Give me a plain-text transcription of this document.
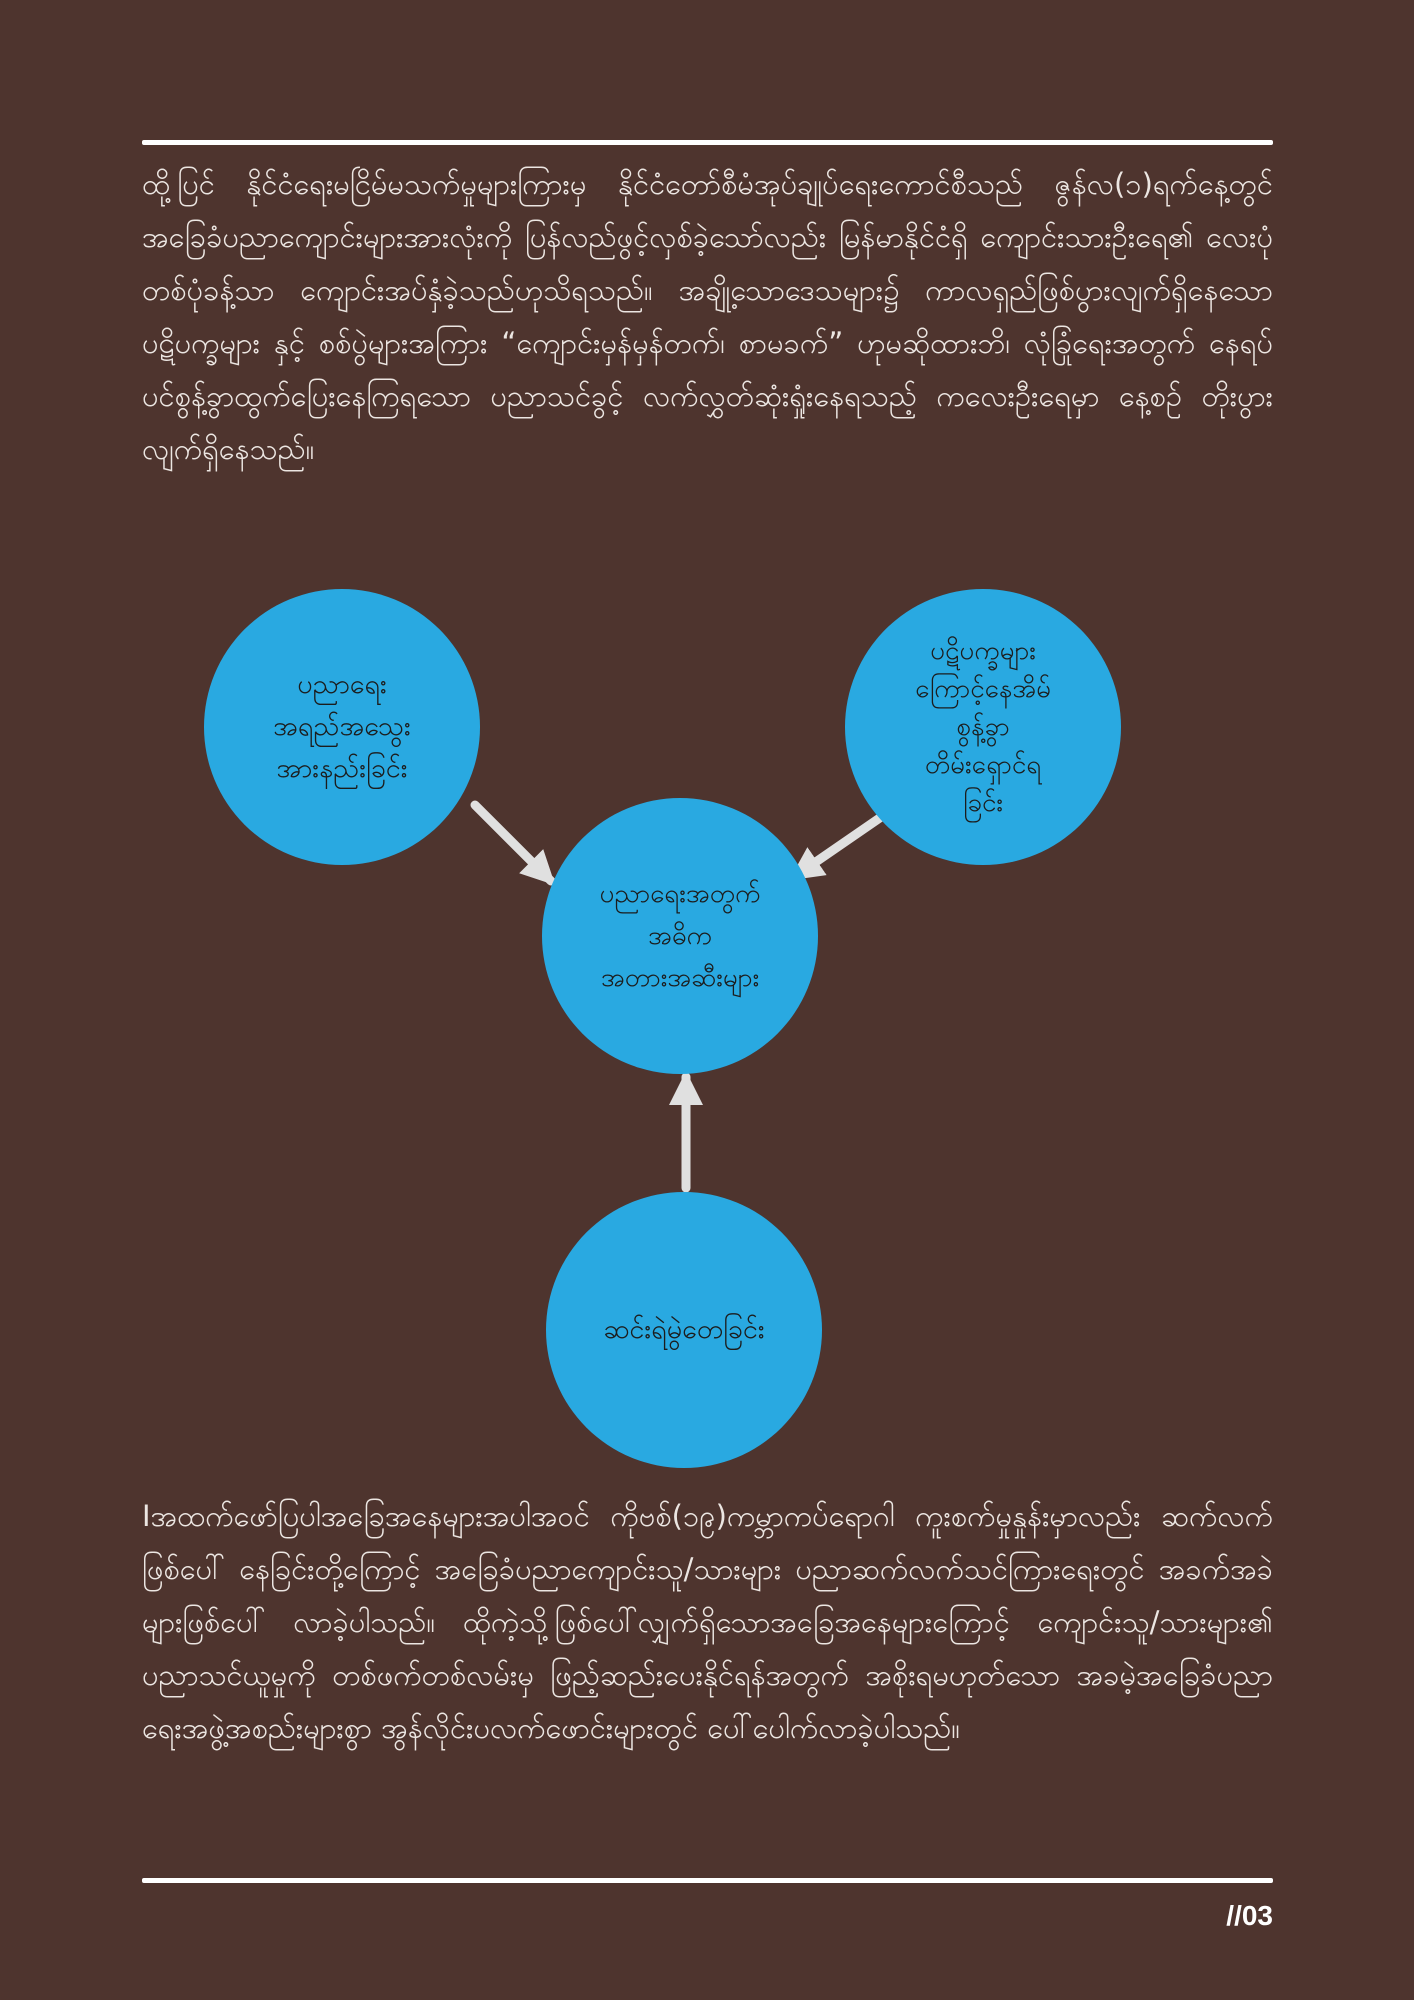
ထို့ပြင် နိုင်ငံရေးမငြိမ်မသက်မှုများကြားမှ နိုင်ငံတော်စီမံအုပ်ချုပ်ရေးကောင်စီသည် ဇွန်လ(၁)ရက်နေ့တွင် အခြေခံပညာကျောင်းများအားလုံးကို ပြန်လည်ဖွင့်လှစ်ခဲ့သော်လည်း မြန်မာနိုင်ငံရှိ ကျောင်းသားဦးရေ၏ လေးပုံတစ်ပုံခန့်သာ ကျောင်းအပ်နှံခဲ့သည်ဟုသိရသည်။ အချို့သောဒေသများ၌ ကာလရှည်ဖြစ်ပွားလျက်ရှိနေသော ပဋိပက္ခများ နှင့် စစ်ပွဲများအကြား “ကျောင်းမှန်မှန်တက်၊ စာမခက်” ဟုမဆိုထားဘိ၊ လုံခြုံရေးအတွက် နေရပ်ပင်စွန့်ခွာထွက်ပြေးနေကြရသော ပညာသင်ခွင့် လက်လွှတ်ဆုံးရှုံးနေရသည့် ကလေးဦးရေမှာ နေ့စဉ် တိုးပွားလျက်ရှိနေသည်။

ပညာရေး
အရည်အသွေး
အားနည်းခြင်း
ပဋိပက္ခများ
ကြောင့်နေအိမ်
စွန့်ခွာ
တိမ်းရှောင်ရ
ခြင်း
ပညာရေးအတွက်
အဓိက
အတားအဆီးများ
ဆင်းရဲမွဲတေခြင်း

Iအထက်ဖော်ပြပါအခြေအနေများအပါအဝင် ကိုဗစ်(၁၉)ကမ္ဘာကပ်ရောဂါ ကူးစက်မှုနှုန်းမှာလည်း ဆက်လက်ဖြစ်ပေါ် နေခြင်းတို့ကြောင့် အခြေခံပညာကျောင်းသူ/သားများ ပညာဆက်လက်သင်ကြားရေးတွင် အခက်အခဲများဖြစ်ပေါ် လာခဲ့ပါသည်။ ထိုကဲ့သို့ဖြစ်ပေါ်လျှက်ရှိသောအခြေအနေများကြောင့် ကျောင်းသူ/သားများ၏ ပညာသင်ယူမှုကို တစ်ဖက်တစ်လမ်းမှ ဖြည့်ဆည်းပေးနိုင်ရန်အတွက် အစိုးရမဟုတ်သော အခမဲ့အခြေခံပညာရေးအဖွဲ့အစည်းများစွာ အွန်လိုင်းပလက်ဖောင်းများတွင် ပေါ်ပေါက်လာခဲ့ပါသည်။

//03
